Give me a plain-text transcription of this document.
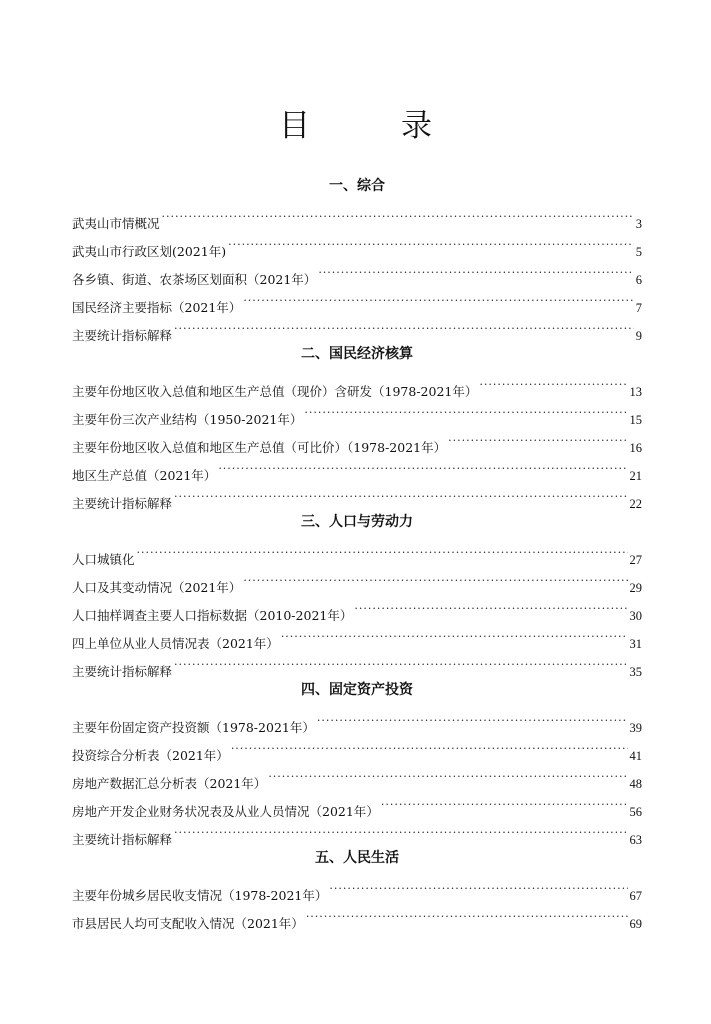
目　录
一、综合
武夷山市情概况 .....	3
武夷山市行政区划(2021年) .....	5
各乡镇、街道、农茶场区划面积（2021年） .....	6
国民经济主要指标（2021年） .....	7
主要统计指标解释 .....	9
二、国民经济核算
主要年份地区收入总值和地区生产总值（现价）含研发（1978-2021年） .....	13
主要年份三次产业结构（1950-2021年） .....	15
主要年份地区收入总值和地区生产总值（可比价）（1978-2021年） .....	16
地区生产总值（2021年） .....	21
主要统计指标解释 .....	22
三、人口与劳动力
人口城镇化 .....	27
人口及其变动情况（2021年） .....	29
人口抽样调查主要人口指标数据（2010-2021年） .....	30
四上单位从业人员情况表（2021年） .....	31
主要统计指标解释 .....	35
四、固定资产投资
主要年份固定资产投资额（1978-2021年） .....	39
投资综合分析表（2021年） .....	41
房地产数据汇总分析表（2021年） .....	48
房地产开发企业财务状况表及从业人员情况（2021年） .....	56
主要统计指标解释 .....	63
五、人民生活
主要年份城乡居民收支情况（1978-2021年） .....	67
市县居民人均可支配收入情况（2021年） .....	69
